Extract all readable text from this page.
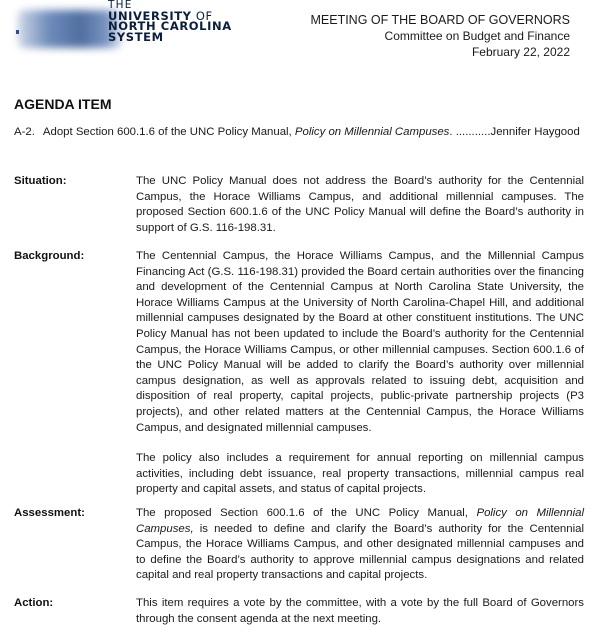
THE
UNIVERSITY OF
NORTH CAROLINA
SYSTEM
MEETING OF THE BOARD OF GOVERNORS
Committee on Budget and Finance
February 22, 2022
AGENDA ITEM
A-2. Adopt Section 600.1.6 of the UNC Policy Manual, Policy on Millennial Campuses. ...........Jennifer Haygood
Situation:	The UNC Policy Manual does not address the Board’s authority for the Centennial Campus, the Horace Williams Campus, and additional millennial campuses. The proposed Section 600.1.6 of the UNC Policy Manual will define the Board’s authority in support of G.S. 116-198.31.

Background:	The Centennial Campus, the Horace Williams Campus, and the Millennial Campus Financing Act (G.S. 116-198.31) provided the Board certain authorities over the financing and development of the Centennial Campus at North Carolina State University, the Horace Williams Campus at the University of North Carolina-Chapel Hill, and additional millennial campuses designated by the Board at other constituent institutions. The UNC Policy Manual has not been updated to include the Board’s authority for the Centennial Campus, the Horace Williams Campus, or other millennial campuses. Section 600.1.6 of the UNC Policy Manual will be added to clarify the Board’s authority over millennial campus designation, as well as approvals related to issuing debt, acquisition and disposition of real property, capital projects, public-private partnership projects (P3 projects), and other related matters at the Centennial Campus, the Horace Williams Campus, and designated millennial campuses.

The policy also includes a requirement for annual reporting on millennial campus activities, including debt issuance, real property transactions, millennial campus real property and capital assets, and status of capital projects.

Assessment:	The proposed Section 600.1.6 of the UNC Policy Manual, Policy on Millennial Campuses, is needed to define and clarify the Board’s authority for the Centennial Campus, the Horace Williams Campus, and other designated millennial campuses and to define the Board’s authority to approve millennial campus designations and related capital and real property transactions and capital projects.

Action:	This item requires a vote by the committee, with a vote by the full Board of Governors through the consent agenda at the next meeting.
